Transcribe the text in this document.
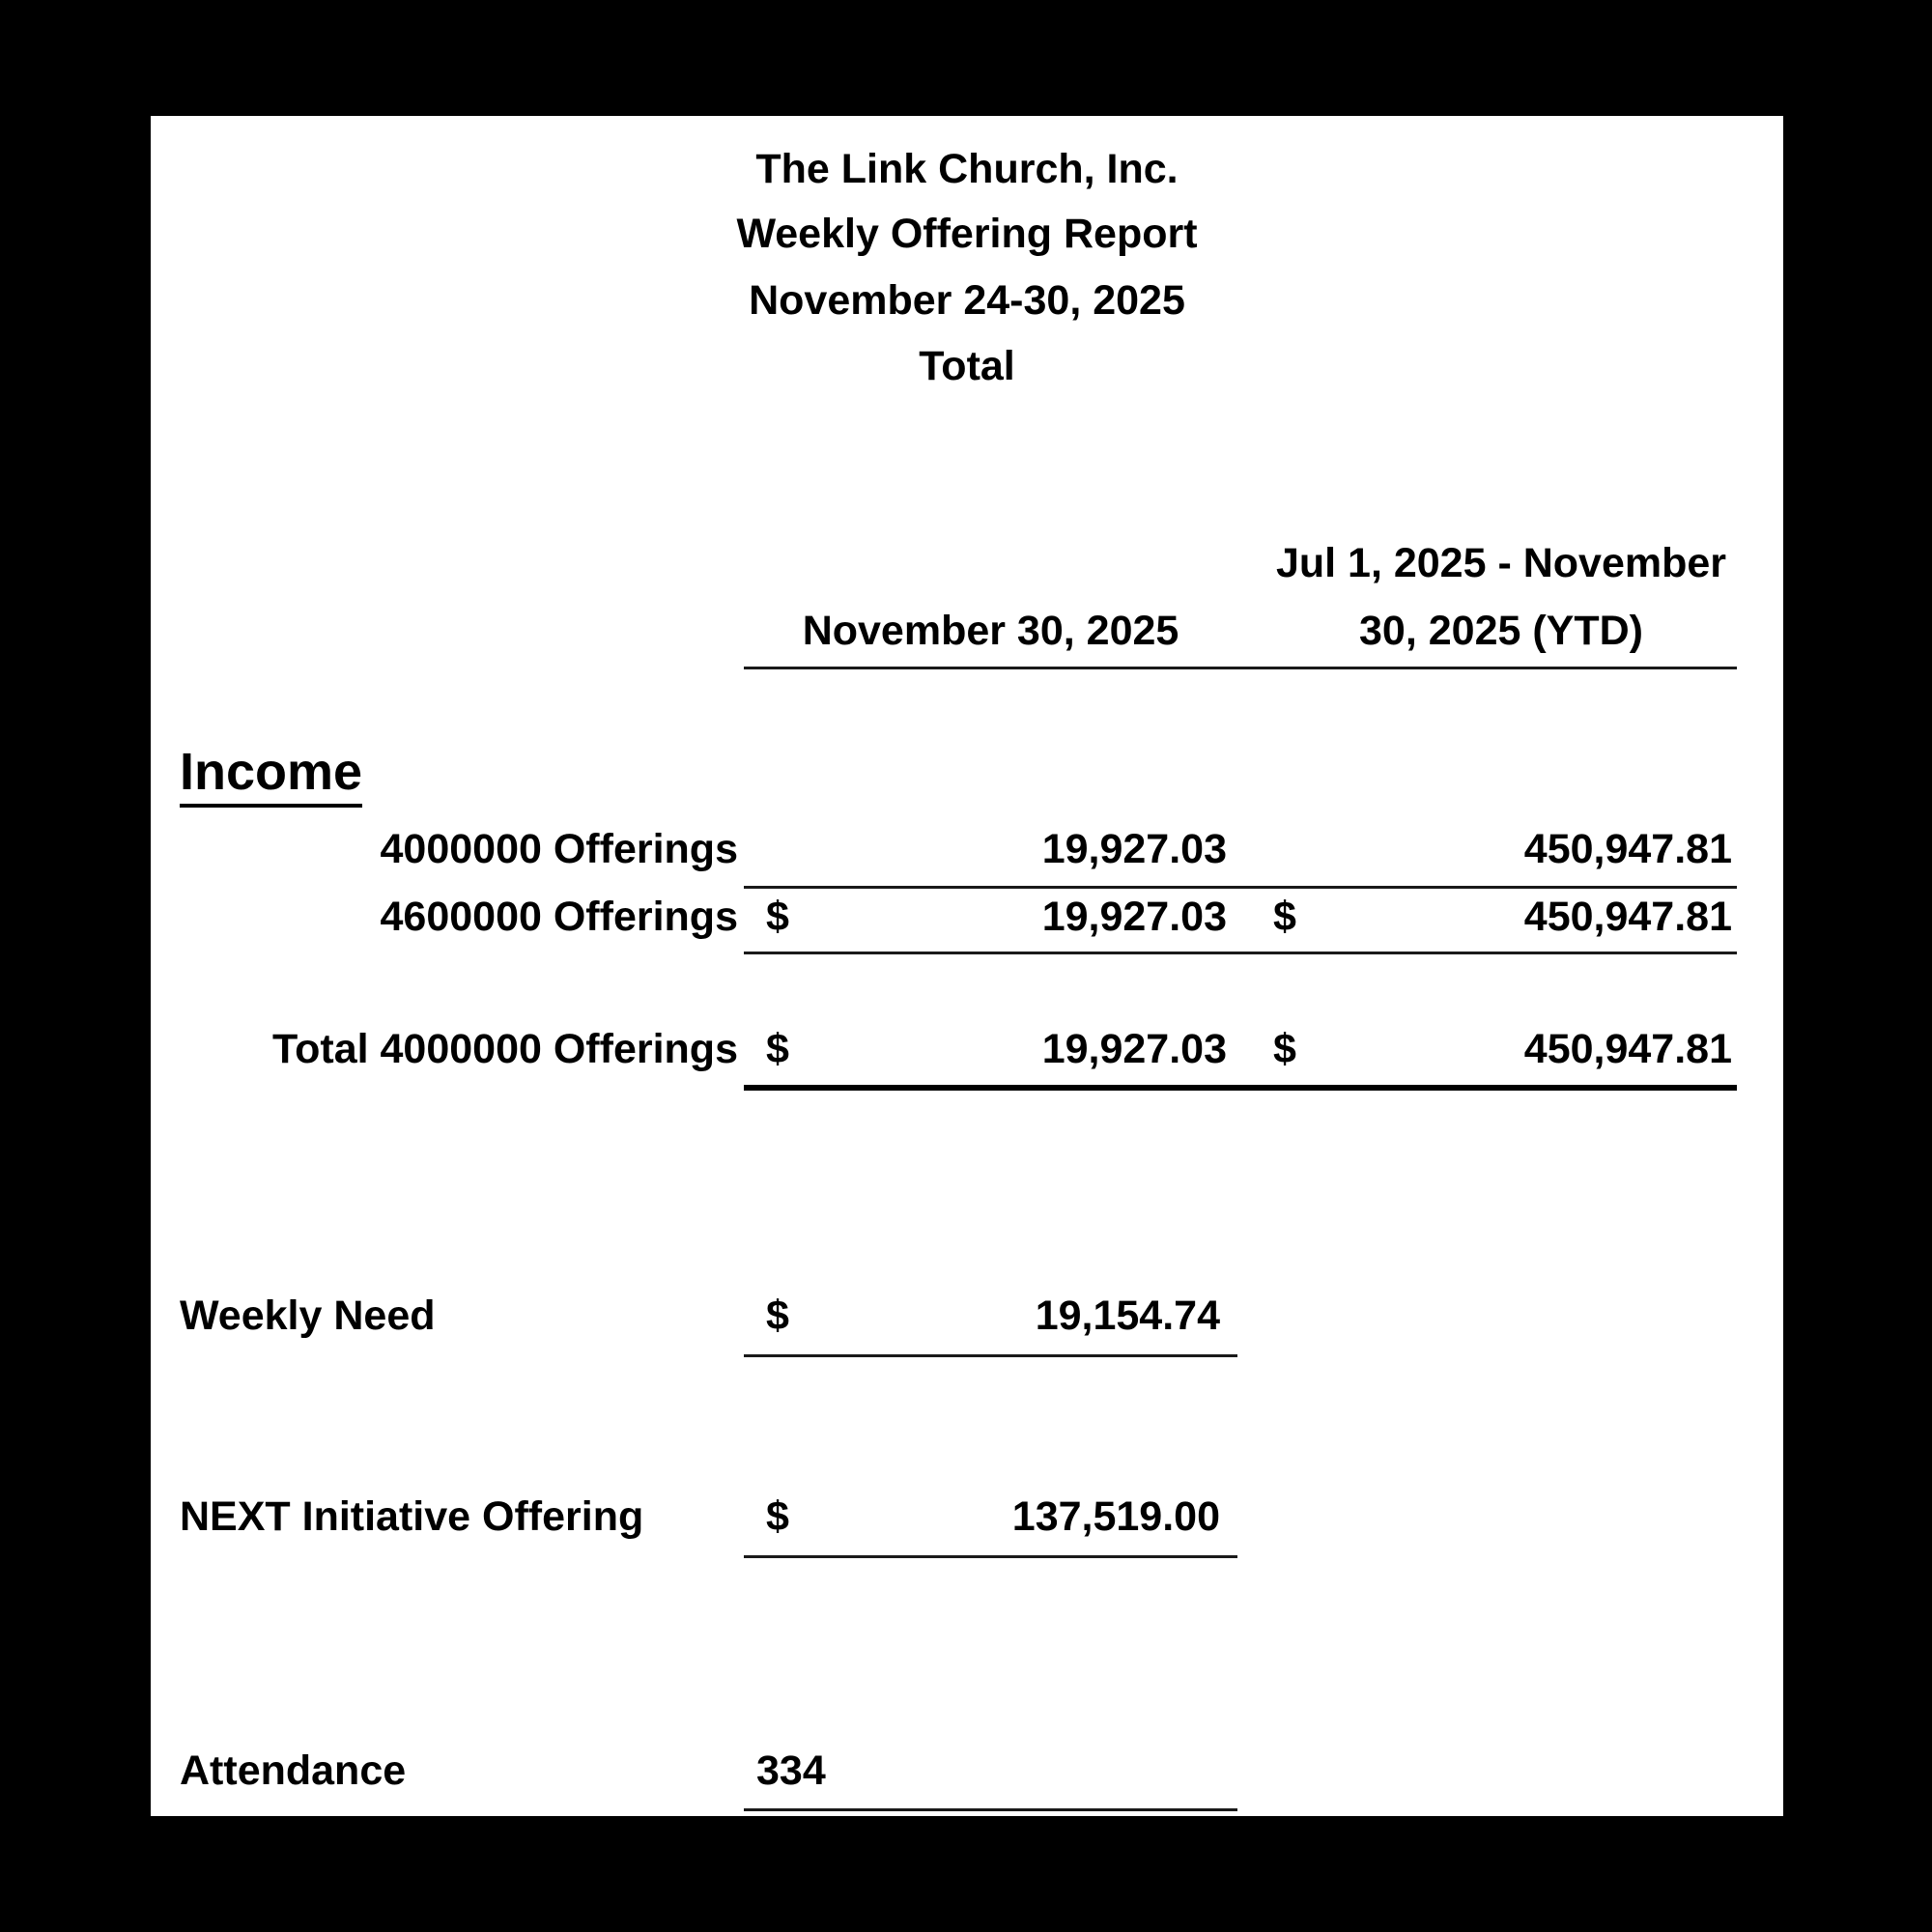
The Link Church, Inc.
Weekly Offering Report
November 24-30, 2025
Total
Jul 1, 2025 - November
November 30, 2025	30, 2025 (YTD)
Income
4000000 Offerings	19,927.03	450,947.81
4600000 Offerings $	19,927.03 $	450,947.81
Total 4000000 Offerings $	19,927.03 $	450,947.81
Weekly Need	$	19,154.74
NEXT Initiative Offering	$	137,519.00
Attendance	334
